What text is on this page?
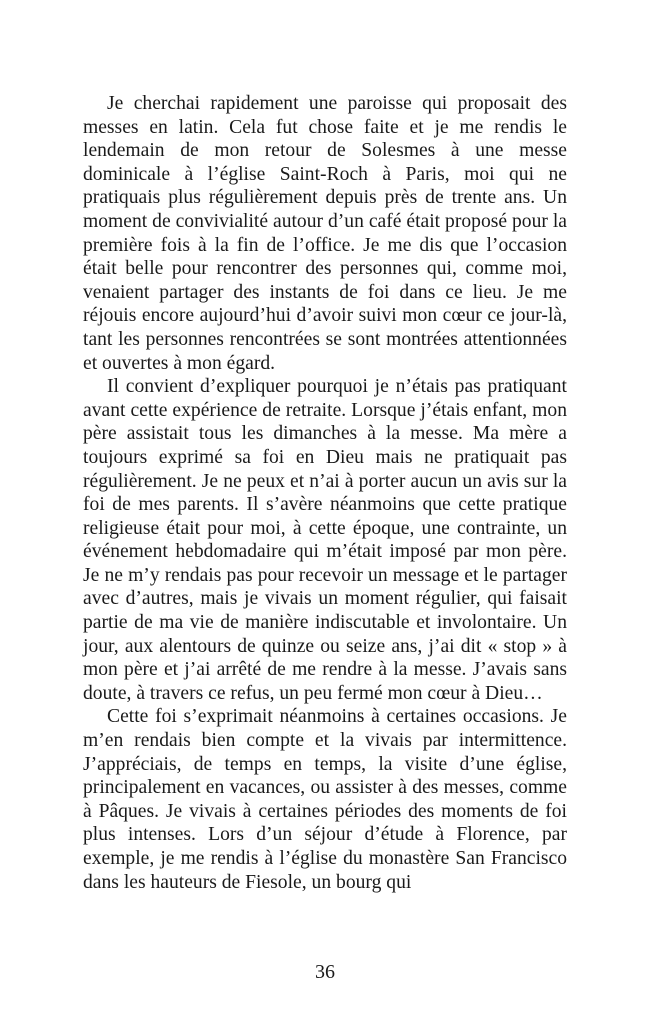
Je cherchai rapidement une paroisse qui proposait des messes en latin. Cela fut chose faite et je me rendis le lendemain de mon retour de Solesmes à une messe dominicale à l’église Saint-Roch à Paris, moi qui ne pratiquais plus régulièrement depuis près de trente ans. Un moment de convivialité autour d’un café était proposé pour la première fois à la fin de l’office. Je me dis que l’occasion était belle pour rencontrer des personnes qui, comme moi, venaient partager des instants de foi dans ce lieu. Je me réjouis encore aujourd’hui d’avoir suivi mon cœur ce jour-là, tant les personnes rencontrées se sont montrées attentionnées et ouvertes à mon égard.

Il convient d’expliquer pourquoi je n’étais pas pratiquant avant cette expérience de retraite. Lorsque j’étais enfant, mon père assistait tous les dimanches à la messe. Ma mère a toujours exprimé sa foi en Dieu mais ne pratiquait pas régulièrement. Je ne peux et n’ai à porter aucun un avis sur la foi de mes parents. Il s’avère néanmoins que cette pratique religieuse était pour moi, à cette époque, une contrainte, un événement hebdomadaire qui m’était imposé par mon père. Je ne m’y rendais pas pour recevoir un message et le partager avec d’autres, mais je vivais un moment régulier, qui faisait partie de ma vie de manière indiscutable et involontaire. Un jour, aux alentours de quinze ou seize ans, j’ai dit « stop » à mon père et j’ai arrêté de me rendre à la messe. J’avais sans doute, à travers ce refus, un peu fermé mon cœur à Dieu…

Cette foi s’exprimait néanmoins à certaines occasions. Je m’en rendais bien compte et la vivais par intermittence. J’appréciais, de temps en temps, la visite d’une église, principalement en vacances, ou assister à des messes, comme à Pâques. Je vivais à certaines périodes des moments de foi plus intenses. Lors d’un séjour d’étude à Florence, par exemple, je me rendis à l’église du monastère San Francisco dans les hauteurs de Fiesole, un bourg qui

36
